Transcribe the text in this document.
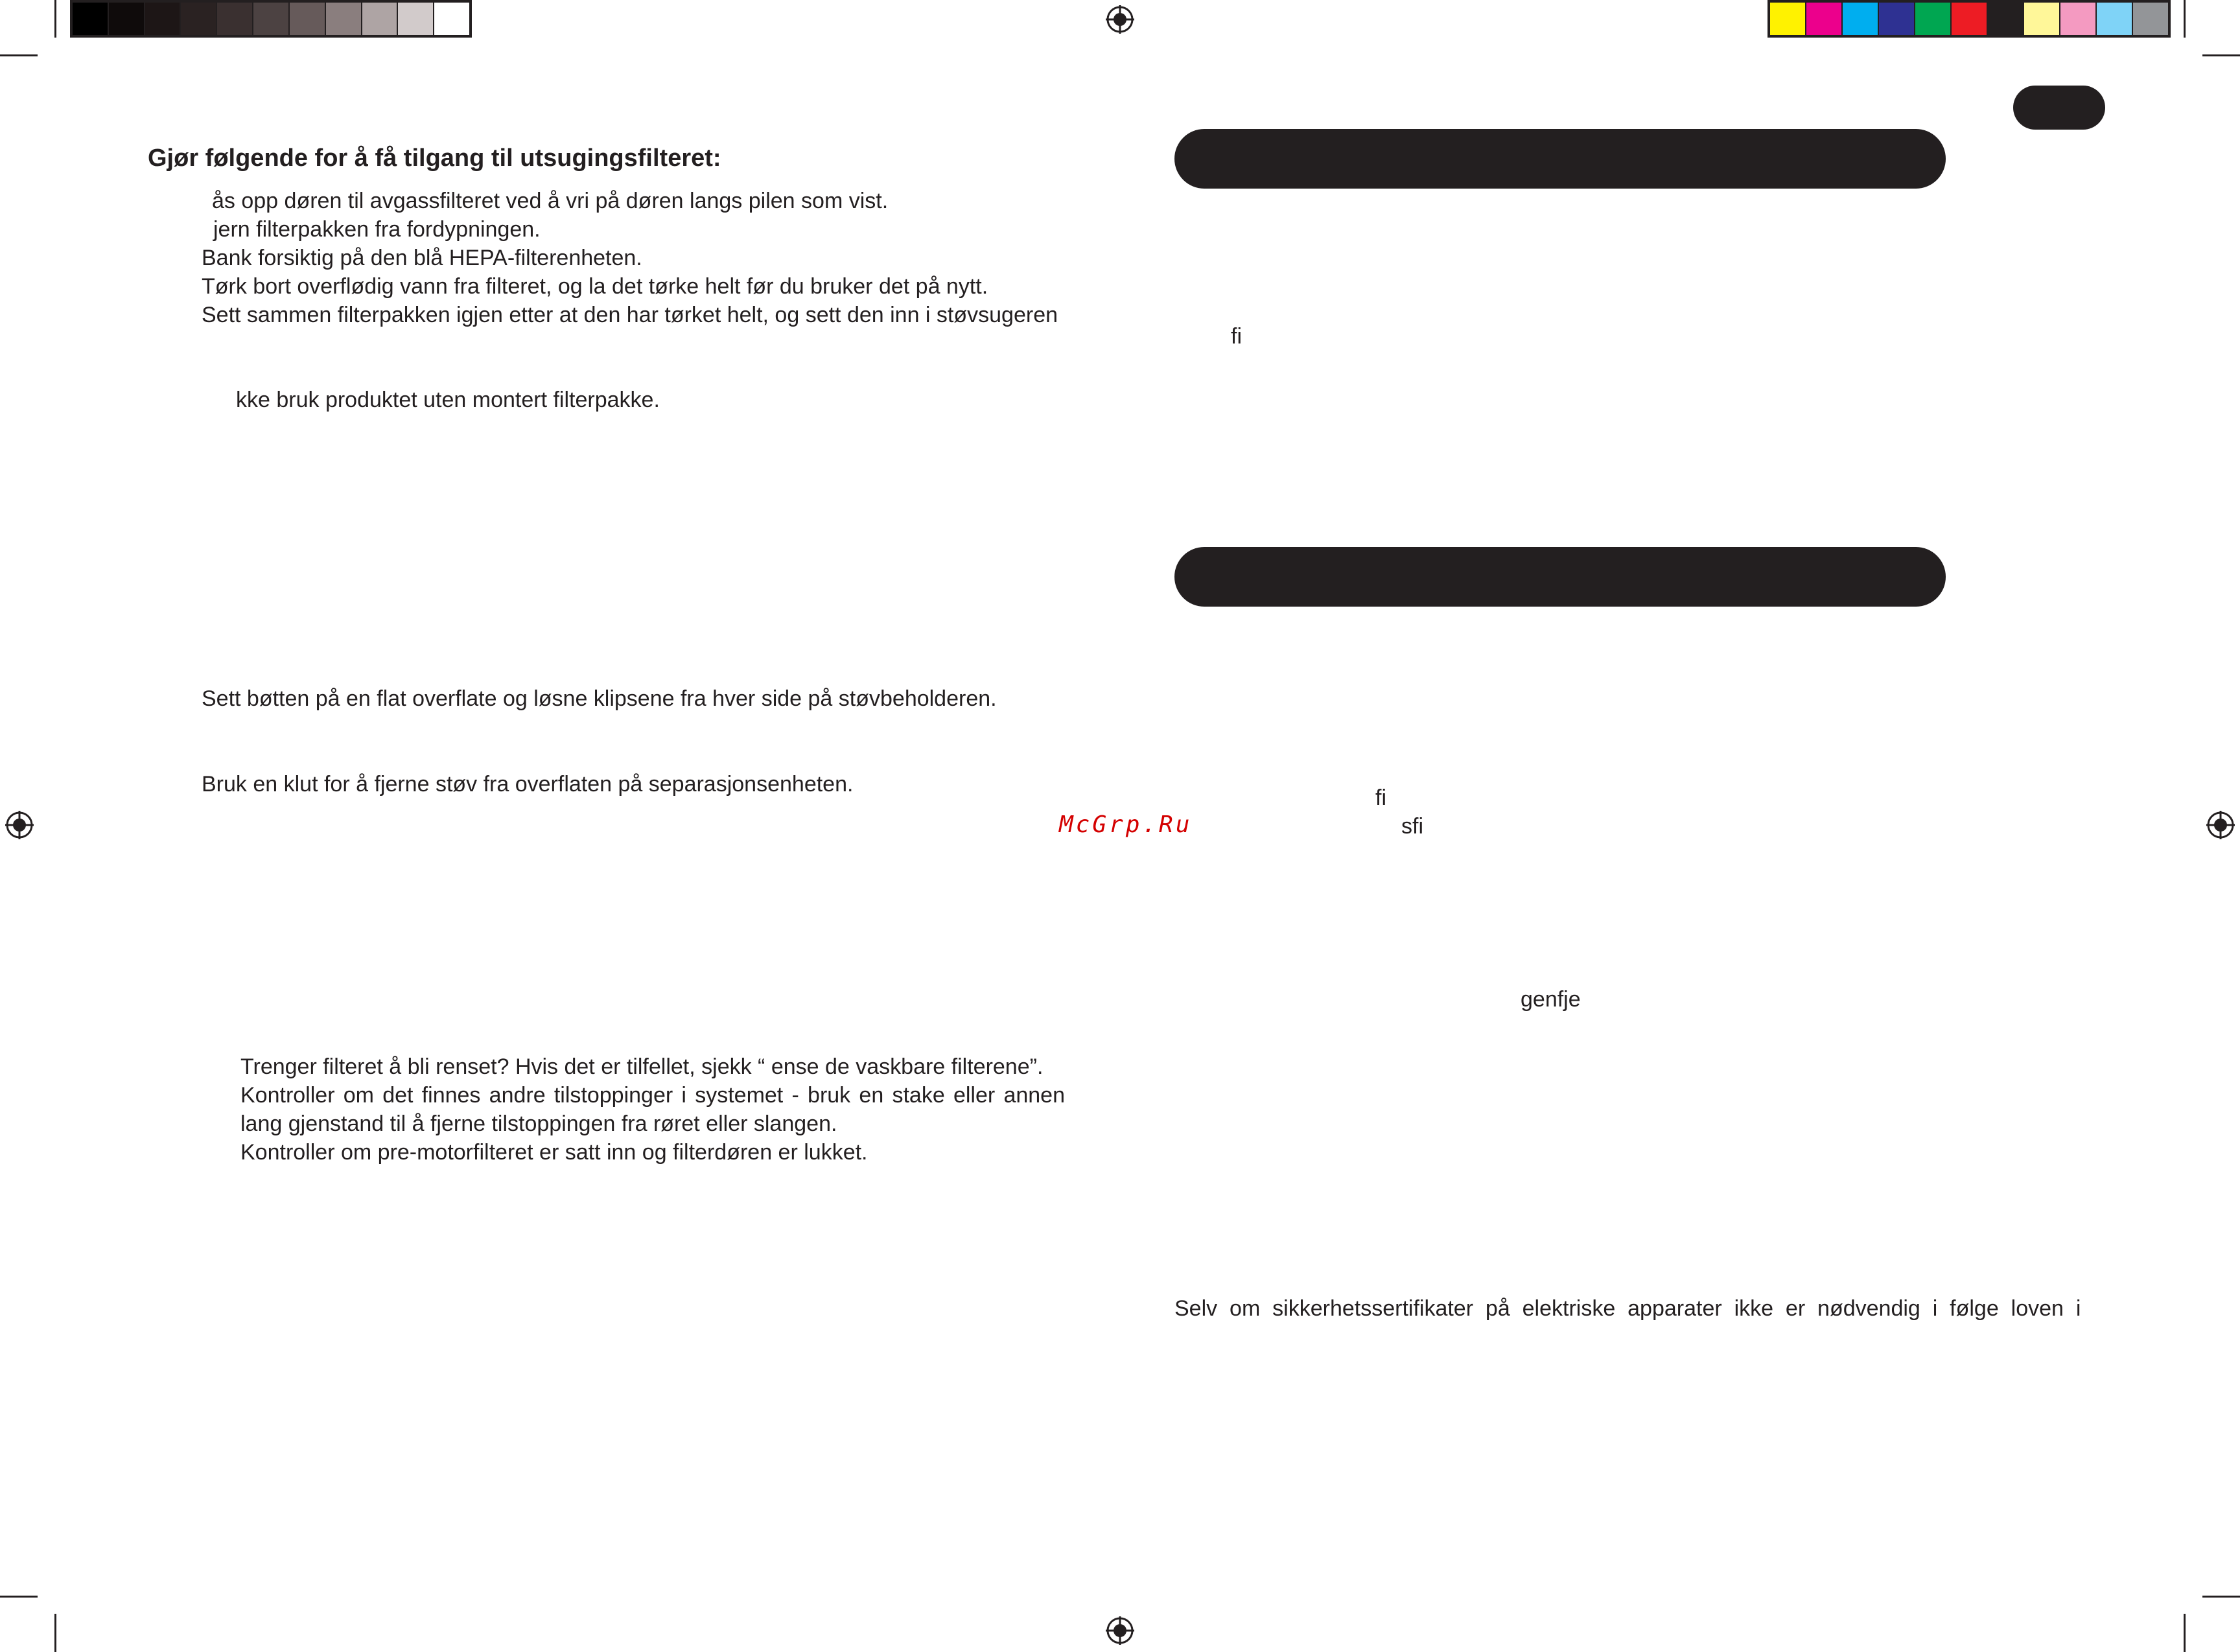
Gjør følgende for å få tilgang til utsugingsfilteret:
ås opp døren til avgassfilteret ved å vri på døren langs pilen som vist.
jern filterpakken fra fordypningen.
Bank forsiktig på den blå HEPA-filterenheten.
Tørk bort overflødig vann fra filteret, og la det tørke helt før du bruker det på nytt.
Sett sammen filterpakken igjen etter at den har tørket helt, og sett den inn i støvsugeren
kke bruk produktet uten montert filterpakke.
Sett bøtten på en flat overflate og løsne klipsene fra hver side på støvbeholderen.
Bruk en klut for å fjerne støv fra overflaten på separasjonsenheten.
Trenger filteret å bli renset? Hvis det er tilfellet, sjekk “ ense de vaskbare filterene”.
Kontroller om det finnes andre tilstoppinger i systemet - bruk en stake eller annen
lang gjenstand til å fjerne tilstoppingen fra røret eller slangen.
Kontroller om pre-motorfilteret er satt inn og filterdøren er lukket.
McGrp.Ru
fi
fi
sfi
genfje
Selv  om  sikkerhetssertifikater  på  elektriske  apparater  ikke  er  nødvendig  i  følge  loven  i
